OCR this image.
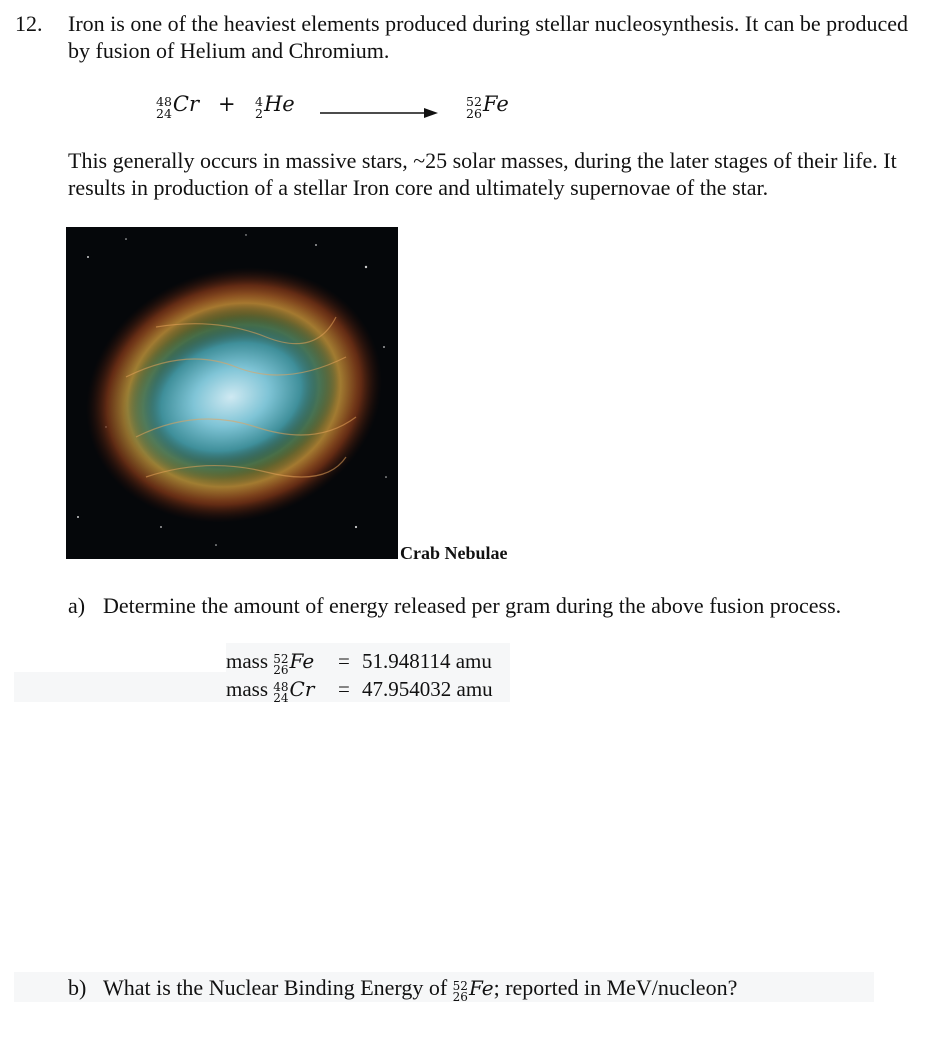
12. Iron is one of the heaviest elements produced during stellar nucleosynthesis. It can be produced by fusion of Helium and Chromium.
48
24 Cr + 4
2 He	52
26 Fe
This generally occurs in massive stars, ~25 solar masses, during the later stages of their life. It results in production of a stellar Iron core and ultimately supernovae of the star.
Crab Nebulae
a) Determine the amount of energy released per gram during the above fusion process.
mass 52
26 Fe = 51.948114 amu
mass 48
24 Cr = 47.954032 amu
b) What is the Nuclear Binding Energy of 52
26 Fe; reported in MeV/nucleon?
